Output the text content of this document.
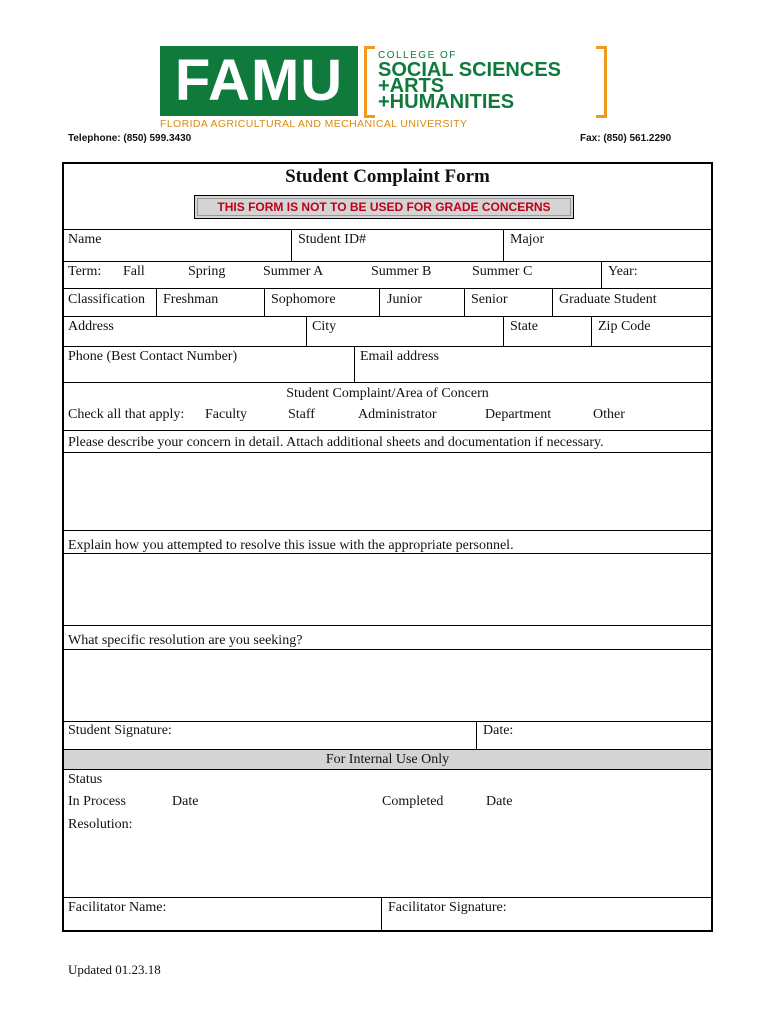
FAMU	COLLEGE OF
SOCIAL SCIENCES
+ARTS
+HUMANITIES
FLORIDA AGRICULTURAL AND MECHANICAL UNIVERSITY
Telephone: (850) 599.3430	Fax: (850) 561.2290
Student Complaint Form
THIS FORM IS NOT TO BE USED FOR GRADE CONCERNS
Name	Student ID#	Major
Term: Fall	Spring	Summer A	Summer B	Summer C	Year:
Classification Freshman	Sophomore	Junior	Senior	Graduate Student
Address	City	State	Zip Code
Phone (Best Contact Number)	Email address
Student Complaint/Area of Concern
Check all that apply: Faculty	Staff	Administrator	Department	Other
Please describe your concern in detail. Attach additional sheets and documentation if necessary.
Explain how you attempted to resolve this issue with the appropriate personnel.
What specific resolution are you seeking?
Student Signature:	Date:
For Internal Use Only
Status
In Process	Date	Completed	Date
Resolution:
Facilitator Name:	Facilitator Signature:
Updated 01.23.18
